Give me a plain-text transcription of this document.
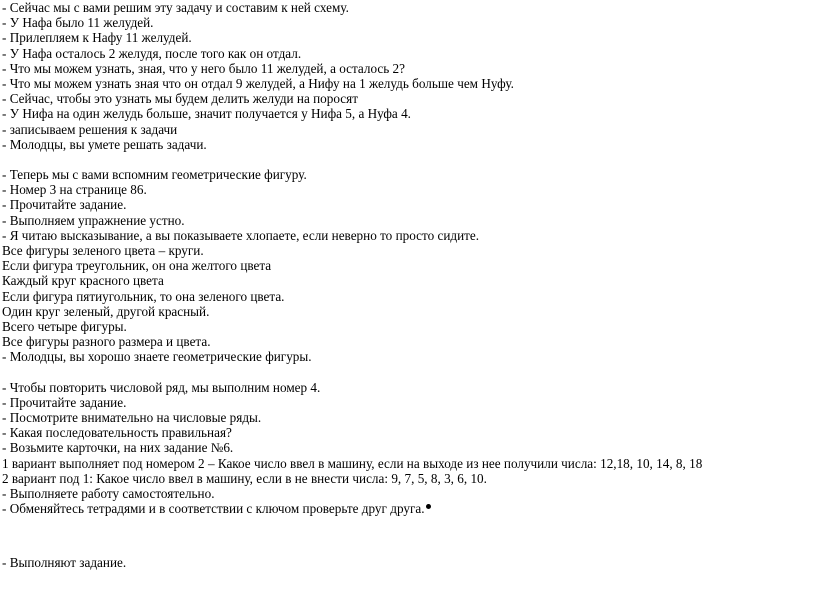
- Сейчас мы с вами решим эту задачу и составим к ней схему.
- У Нафа было 11 желудей.
- Прилепляем к Нафу 11 желудей.
- У Нафа осталось 2 желудя, после того как он отдал.
- Что мы можем узнать, зная, что у него было 11 желудей, а осталось 2?
- Что мы можем узнать зная что он отдал 9 желудей, а Нифу на 1 желудь больше чем Нуфу.
- Сейчас, чтобы это узнать мы будем делить желуди на поросят
- У Нифа на один желудь больше, значит получается у Нифа 5, а Нуфа 4.
- записываем решения к задачи
- Молодцы, вы умете решать задачи.
- Теперь мы с вами вспомним геометрические фигуру.
- Номер 3 на странице 86.
- Прочитайте задание.
- Выполняем упражнение устно.
- Я читаю высказывание, а вы показываете хлопаете, если неверно то просто сидите.
Все фигуры зеленого цвета – круги.
Если фигура треугольник, он она желтого цвета
Каждый круг красного цвета
Если фигура пятиугольник, то она зеленого цвета.
Один круг зеленый, другой красный.
Всего четыре фигуры.
Все фигуры разного размера и цвета.
- Молодцы, вы хорошо знаете геометрические фигуры.
- Чтобы повторить числовой ряд, мы выполним номер 4.
- Прочитайте задание.
- Посмотрите внимательно на числовые ряды.
- Какая последовательность правильная?
- Возьмите карточки, на них задание №6.
1 вариант выполняет под номером 2 – Какое число ввел в машину, если на выходе из нее получили числа: 12,18, 10, 14, 8, 18
2 вариант под 1: Какое число ввел в машину, если в не внести числа: 9, 7, 5, 8, 3, 6, 10.
- Выполняете работу самостоятельно.
- Обменяйтесь тетрадями и в соответствии с ключом проверьте друг друга.
- Выполняют задание.
